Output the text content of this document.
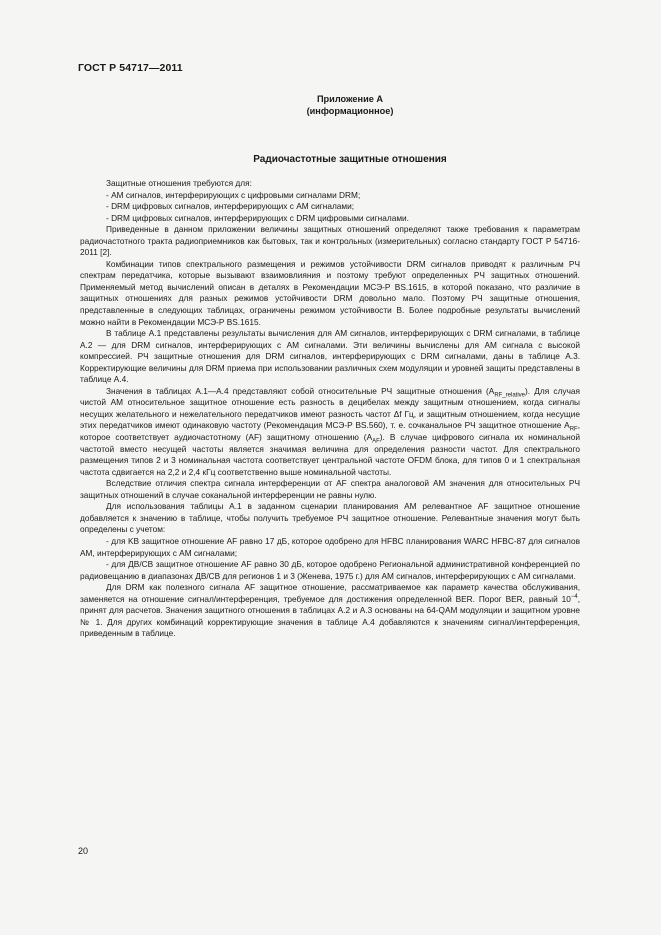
ГОСТ Р 54717—2011
Приложение А
(информационное)
Радиочастотные защитные отношения

Защитные отношения требуются для:

- АМ сигналов, интерферирующих с цифровыми сигналами DRM;
- DRM цифровых сигналов, интерферирующих с АМ сигналами;
- DRM цифровых сигналов, интерферирующих с DRM цифровыми сигналами.

Приведенные в данном приложении величины защитных отношений определяют также требования к параметрам радиочастотного тракта радиоприемников как бытовых, так и контрольных (измерительных) согласно стандарту ГОСТ Р 54716-2011 [2].

Комбинации типов спектрального размещения и режимов устойчивости DRM сигналов приводят к различным РЧ спектрам передатчика, которые вызывают взаимовлияния и поэтому требуют определенных РЧ защитных отношений. Применяемый метод вычислений описан в деталях в Рекомендации МСЭ-Р BS.1615, в которой показано, что различие в защитных отношениях для разных режимов устойчивости DRM довольно мало. Поэтому РЧ защитные отношения, представленные в следующих таблицах, ограничены режимом устойчивости В. Более подробные результаты вычислений можно найти в Рекомендации МСЭ-Р BS.1615.

В таблице А.1 представлены результаты вычисления для АМ сигналов, интерферирующих с DRM сигналами, в таблице А.2 — для DRM сигналов, интерферирующих с АМ сигналами. Эти величины вычислены для АМ сигнала с высокой компрессией. РЧ защитные отношения для DRM сигналов, интерферирующих с DRM сигналами, даны в таблице А.3. Корректирующие величины для DRM приема при использовании различных схем модуляции и уровней защиты представлены в таблице А.4.

Значения в таблицах А.1—А.4 представляют собой относительные РЧ защитные отношения $(A_{RF\_relative})$. Для случая чистой АМ относительное защитное отношение есть разность в децибелах между защитным отношением, когда сигналы несущих желательного и нежелательного передатчиков имеют разность частот Δf Гц, и защитным отношением, когда несущие этих передатчиков имеют одинаковую частоту (Рекомендация МСЭ-Р BS.560), т. е. сочканальное РЧ защитное отношение $A_{RF}$, которое соответствует аудиочастотному (AF) защитному отношению $(A_{AF})$. В случае цифрового сигнала их номинальной частотой вместо несущей частоты является значимая величина для определения разности частот. Для спектрального размещения типов 2 и 3 номинальная частота соответствует центральной частоте OFDM блока, для типов 0 и 1 спектральная частота сдвигается на 2,2 и 2,4 кГц соответственно выше номинальной частоты.

Вследствие отличия спектра сигнала интерференции от AF спектра аналоговой АМ значения для относительных РЧ защитных отношений в случае соканальной интерференции не равны нулю.

Для использования таблицы А.1 в заданном сценарии планирования АМ релевантное AF защитное отношение добавляется к значению в таблице, чтобы получить требуемое РЧ защитное отношение. Релевантные значения могут быть определены с учетом:

- для KB защитное отношение AF равно 17 дБ, которое одобрено для HFBC планирования WARC HFBC-87 для сигналов АМ, интерферирующих с АМ сигналами;

- для ДВ/СВ защитное отношение AF равно 30 дБ, которое одобрено Региональной административной конференцией по радиовещанию в диапазонах ДВ/СВ для регионов 1 и 3 (Женева, 1975 г.) для АМ сигналов, интерферирующих с АМ сигналами.

Для DRM как полезного сигнала AF защитное отношение, рассматриваемое как параметр качества обслуживания, заменяется на отношение сигнал/интерференция, требуемое для достижения определенной BER. Порог BER, равный $10^{-4}$, принят для расчетов. Значения защитного отношения в таблицах А.2 и А.3 основаны на 64-QAM модуляции и защитном уровне № 1. Для других комбинаций корректирующие значения в таблице А.4 добавляются к значениям сигнал/интерференция, приведенным в таблице.

20
